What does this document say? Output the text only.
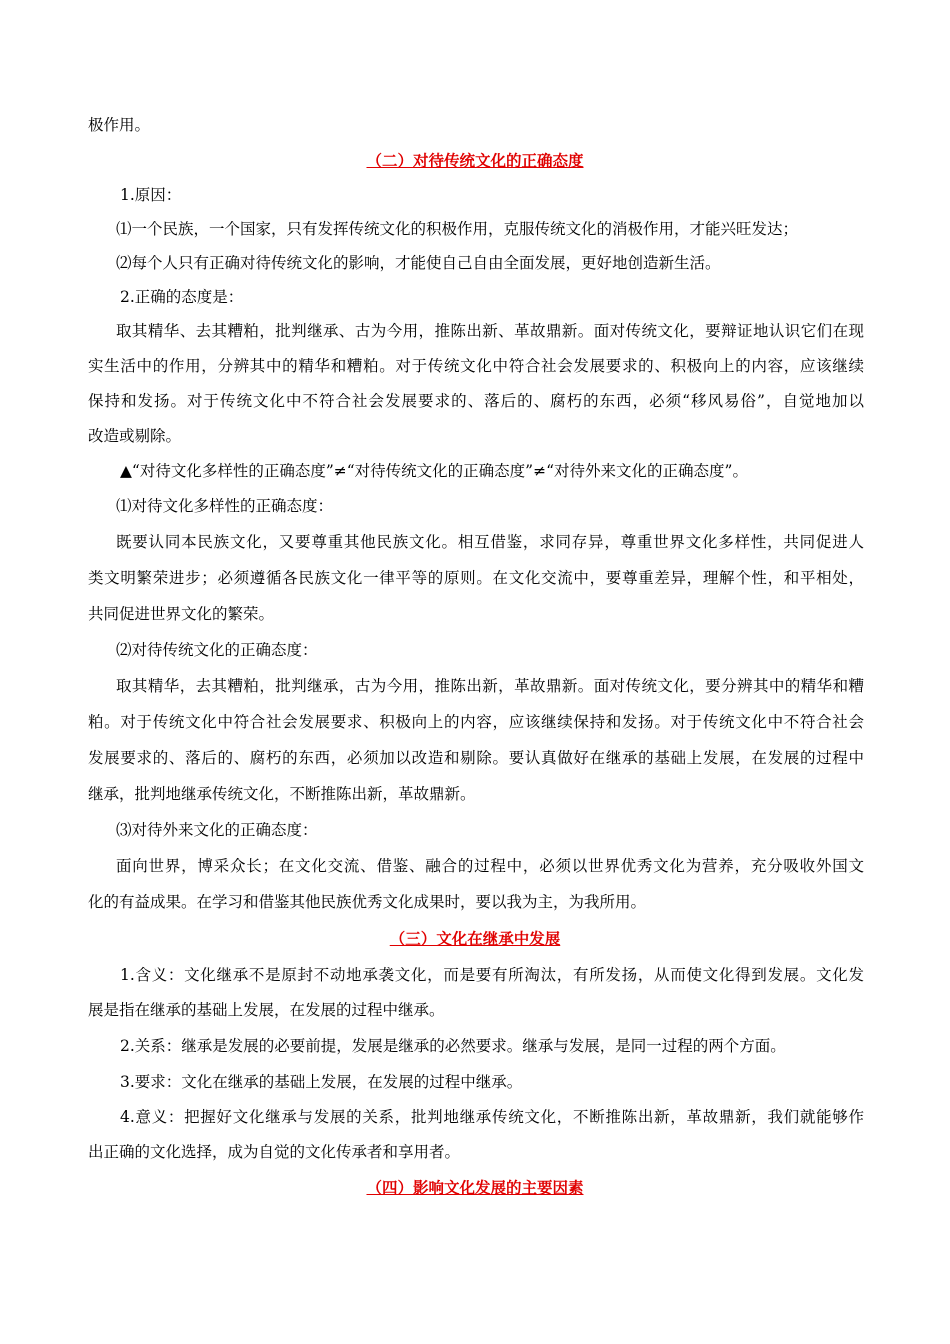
极作用。
（二）对待传统文化的正确态度
1.原因：
⑴一个民族，一个国家，只有发挥传统文化的积极作用，克服传统文化的消极作用，才能兴旺发达；
⑵每个人只有正确对待传统文化的影响，才能使自己自由全面发展，更好地创造新生活。
2.正确的态度是：
取其精华、去其糟粕，批判继承、古为今用，推陈出新、革故鼎新。面对传统文化，要辩证地认识它们在现
实生活中的作用，分辨其中的精华和糟粕。对于传统文化中符合社会发展要求的、积极向上的内容，应该继续
保持和发扬。对于传统文化中不符合社会发展要求的、落后的、腐朽的东西，必须“移风易俗”，自觉地加以
改造或剔除。
▲“对待文化多样性的正确态度”≠“对待传统文化的正确态度”≠“对待外来文化的正确态度”。
⑴对待文化多样性的正确态度：
既要认同本民族文化，又要尊重其他民族文化。相互借鉴，求同存异，尊重世界文化多样性，共同促进人
类文明繁荣进步；必须遵循各民族文化一律平等的原则。在文化交流中，要尊重差异，理解个性，和平相处，
共同促进世界文化的繁荣。
⑵对待传统文化的正确态度：
取其精华，去其糟粕，批判继承，古为今用，推陈出新，革故鼎新。面对传统文化，要分辨其中的精华和糟
粕。对于传统文化中符合社会发展要求、积极向上的内容，应该继续保持和发扬。对于传统文化中不符合社会
发展要求的、落后的、腐朽的东西，必须加以改造和剔除。要认真做好在继承的基础上发展，在发展的过程中
继承，批判地继承传统文化，不断推陈出新，革故鼎新。
⑶对待外来文化的正确态度：
面向世界，博采众长；在文化交流、借鉴、融合的过程中，必须以世界优秀文化为营养，充分吸收外国文
化的有益成果。在学习和借鉴其他民族优秀文化成果时，要以我为主，为我所用。
（三）文化在继承中发展
1.含义：文化继承不是原封不动地承袭文化，而是要有所淘汰，有所发扬，从而使文化得到发展。文化发
展是指在继承的基础上发展，在发展的过程中继承。
2.关系：继承是发展的必要前提，发展是继承的必然要求。继承与发展，是同一过程的两个方面。
3.要求：文化在继承的基础上发展，在发展的过程中继承。
4.意义：把握好文化继承与发展的关系，批判地继承传统文化，不断推陈出新，革故鼎新，我们就能够作
出正确的文化选择，成为自觉的文化传承者和享用者。
（四）影响文化发展的主要因素
